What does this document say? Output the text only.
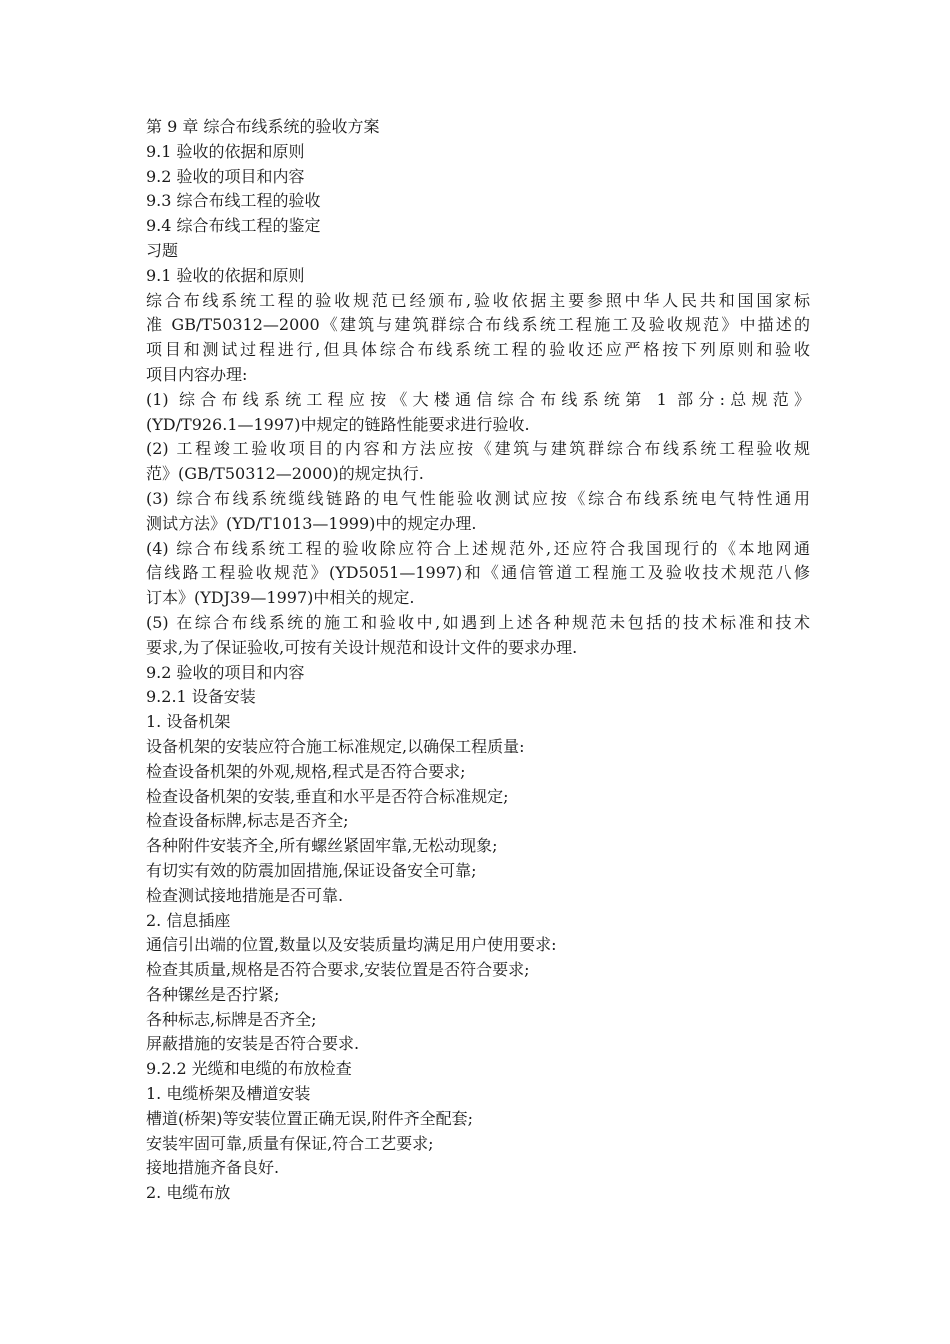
第 9 章 综合布线系统的验收方案
9.1 验收的依据和原则
9.2 验收的项目和内容
9.3 综合布线工程的验收
9.4 综合布线工程的鉴定
习题
9.1 验收的依据和原则
综合布线系统工程的验收规范已经颁布,验收依据主要参照中华人民共和国国家标
准 GB/T50312—2000《建筑与建筑群综合布线系统工程施工及验收规范》中描述的
项目和测试过程进行,但具体综合布线系统工程的验收还应严格按下列原则和验收
项目内容办理:
(1) 综合布线系统工程应按《大楼通信综合布线系统第 1 部分:总规范》
(YD/T926.1—1997)中规定的链路性能要求进行验收.
(2) 工程竣工验收项目的内容和方法应按《建筑与建筑群综合布线系统工程验收规
范》(GB/T50312—2000)的规定执行.
(3) 综合布线系统缆线链路的电气性能验收测试应按《综合布线系统电气特性通用
测试方法》(YD/T1013—1999)中的规定办理.
(4) 综合布线系统工程的验收除应符合上述规范外,还应符合我国现行的《本地网通
信线路工程验收规范》(YD5051—1997)和《通信管道工程施工及验收技术规范八修
订本》(YDJ39—1997)中相关的规定.
(5) 在综合布线系统的施工和验收中,如遇到上述各种规范未包括的技术标准和技术
要求,为了保证验收,可按有关设计规范和设计文件的要求办理.
9.2 验收的项目和内容
9.2.1 设备安装
1. 设备机架
设备机架的安装应符合施工标准规定,以确保工程质量:
检查设备机架的外观,规格,程式是否符合要求;
检查设备机架的安装,垂直和水平是否符合标准规定;
检查设备标牌,标志是否齐全;
各种附件安装齐全,所有螺丝紧固牢靠,无松动现象;
有切实有效的防震加固措施,保证设备安全可靠;
检查测试接地措施是否可靠.
2. 信息插座
通信引出端的位置,数量以及安装质量均满足用户使用要求:
检查其质量,规格是否符合要求,安装位置是否符合要求;
各种镙丝是否拧紧;
各种标志,标牌是否齐全;
屏蔽措施的安装是否符合要求.
9.2.2 光缆和电缆的布放检查
1. 电缆桥架及槽道安装
槽道(桥架)等安装位置正确无误,附件齐全配套;
安装牢固可靠,质量有保证,符合工艺要求;
接地措施齐备良好.
2. 电缆布放
